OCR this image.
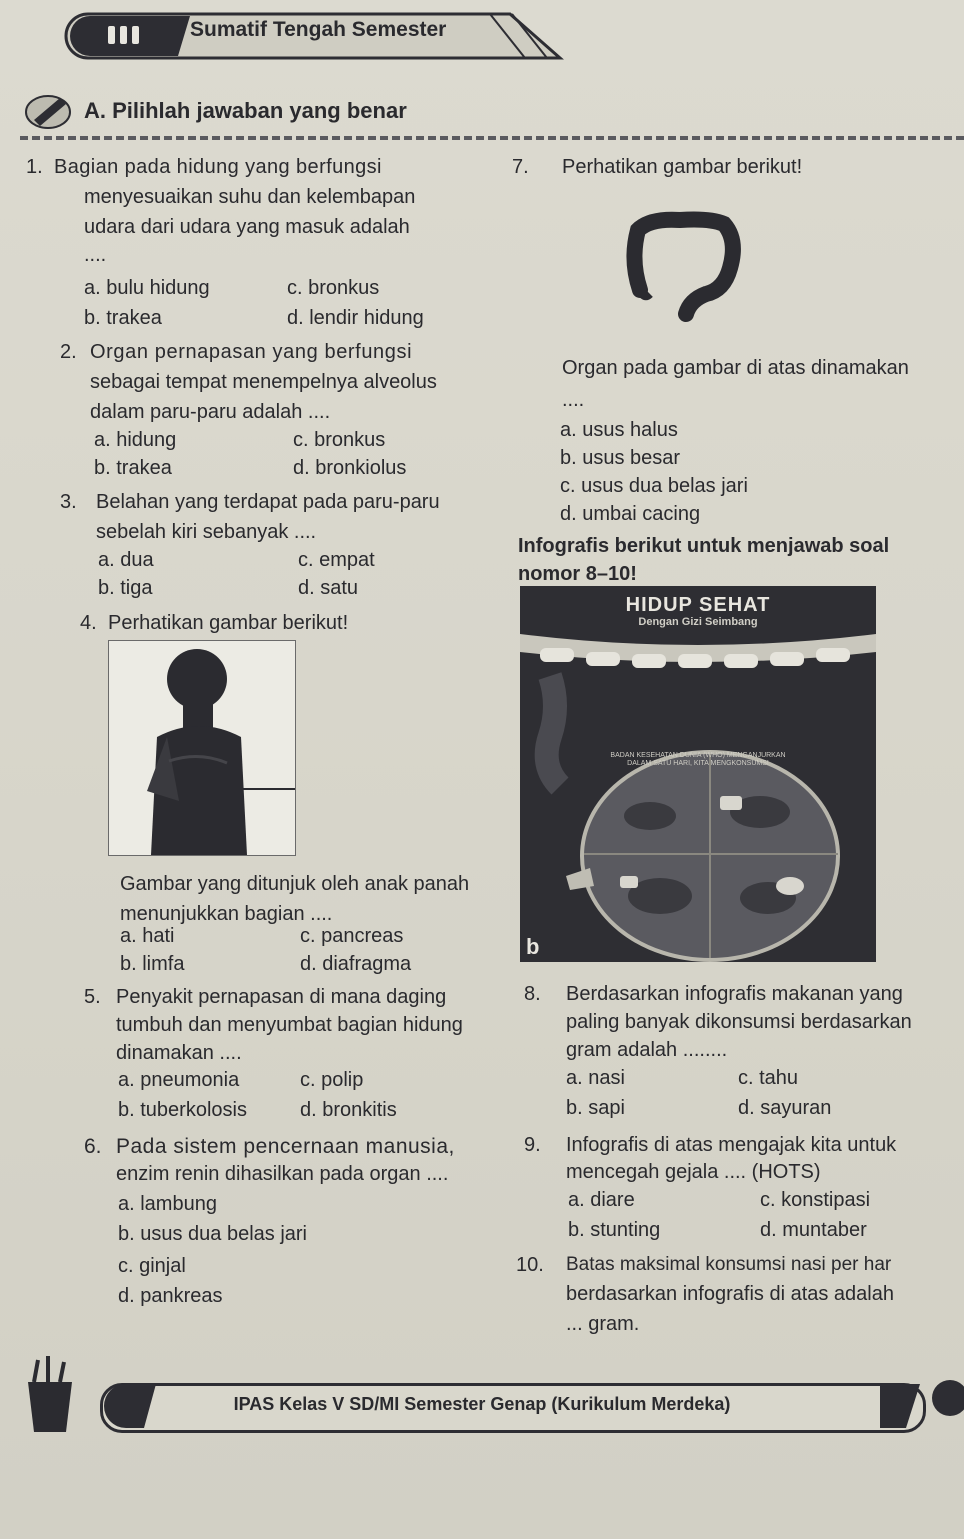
Sumatif Tengah Semester
A. Pilihlah jawaban yang benar
1. Bagian pada hidung yang berfungsi
menyesuaikan suhu dan kelembapan
udara dari udara yang masuk adalah
....
a. bulu hidung	c. bronkus
b. trakea	d. lendir hidung
2. Organ pernapasan yang berfungsi
sebagai tempat menempelnya alveolus
dalam paru-paru adalah ....
a. hidung	c. bronkus
b. trakea	d. bronkiolus
3. Belahan yang terdapat pada paru-paru
sebelah kiri sebanyak ....
a. dua	c. empat
b. tiga	d. satu
4. Perhatikan gambar berikut!
Gambar yang ditunjuk oleh anak panah
menunjukkan bagian ....
a. hati	c. pancreas
b. limfa	d. diafragma
5. Penyakit pernapasan di mana daging
tumbuh dan menyumbat bagian hidung
dinamakan ....
a. pneumonia	c. polip
b. tuberkolosis	d. bronkitis
6. Pada sistem pencernaan manusia,
enzim renin dihasilkan pada organ ....
a. lambung
b. usus dua belas jari
c. ginjal
d. pankreas
7. Perhatikan gambar berikut!
Organ pada gambar di atas dinamakan
....
a. usus halus
b. usus besar
c. usus dua belas jari
d. umbai cacing
Infografis berikut untuk menjawab soal
nomor 8–10!
HIDUP SEHAT
Dengan Gizi Seimbang
BADAN KESEHATAN DUNIA (WHO) MENGANJURKAN
DALAM SATU HARI, KITA MENGKONSUMSI
b
8. Berdasarkan infografis makanan yang
paling banyak dikonsumsi berdasarkan
gram adalah ........
a. nasi	c. tahu
b. sapi	d. sayuran
9. Infografis di atas mengajak kita untuk
mencegah gejala .... (HOTS)
a. diare	c. konstipasi
b. stunting	d. muntaber
10. Batas maksimal konsumsi nasi per har
berdasarkan infografis di atas adalah
... gram.
IPAS Kelas V SD/MI Semester Genap (Kurikulum Merdeka)
